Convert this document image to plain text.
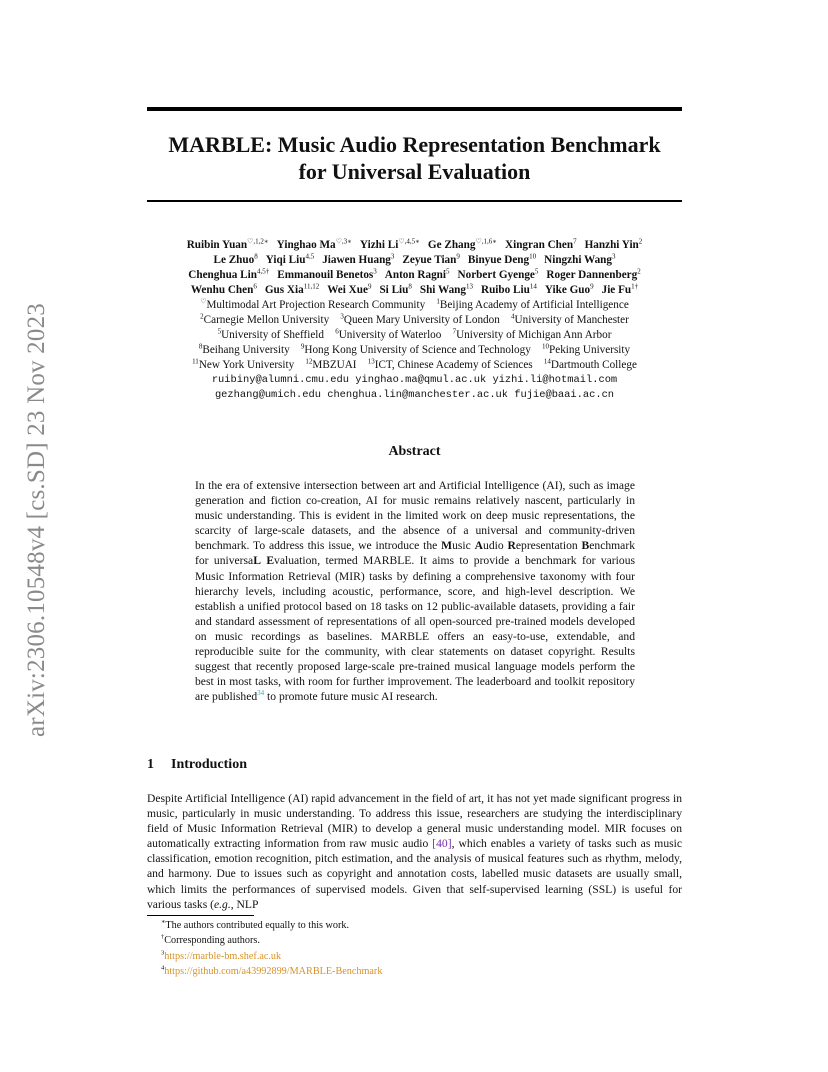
arXiv:2306.10548v4 [cs.SD] 23 Nov 2023
MARBLE: Music Audio Representation Benchmark
for Universal Evaluation
Ruibin Yuan$^{♡,1,2∗}$ Yinghao $Ma^{♡,3∗}$ Yizhi $Li^{♡,4,5∗}$ Ge Zhang$^{♡,1,6∗}$ Xingran Chen$^7$ Hanzhi Yin$^2$
Le Zhuo$^8$ Yiqi Liu$^{4,5}$ Jiawen Huang$^3$ Zeyue Tian$^9$ Binyue Deng$^{10}$ Ningzhi Wang$^3$
Chenghua Lin$^{4,5\dagger}$ Emmanouil Benetos$^3$ Anton Ragni$^5$ Norbert Gyenge$^5$ Roger Dannenberg$^2$
Wenhu Chen$^6$ Gus Xia$^{11,12}$ Wei Xue$^9$ Si Liu$^8$ Shi Wang$^{13}$ Ruibo Liu$^{14}$ Yike Guo$^9$ Jie $Fu^{1\dagger}$
♡Multimodal Art Projection Research Community  $^1$Beijing Academy of Artificial Intelligence
$^2$Carnegie Mellon University  $^3$Queen Mary University of London  $^4$University of Manchester
$^5$University of Sheffield  $^6$University of Waterloo  $^7$University of Michigan Ann Arbor
$^8$Beihang University  $^9$Hong Kong University of Science and Technology  $^{10}$Peking University
$^{11}$New York University  $^{12}$MBZUAI  $^{13}$ICT, Chinese Academy of Sciences  $^{14}$Dartmouth College
ruibiny@alumni.cmu.edu yinghao.ma@qmul.ac.uk yizhi.li@hotmail.com
gezhang@umich.edu chenghua.lin@manchester.ac.uk fujie@baai.ac.cn
Abstract

In the era of extensive intersection between art and Artificial Intelligence (AI), such as image generation and fiction co-creation, AI for music remains relatively nascent, particularly in music understanding. This is evident in the limited work on deep music representations, the scarcity of large-scale datasets, and the absence of a universal and community-driven benchmark. To address this issue, we introduce the Music Audio Representation Benchmark for universaL Evaluation, termed MARBLE. It aims to provide a benchmark for various Music Information Retrieval (MIR) tasks by defining a comprehensive taxonomy with four hierarchy levels, including acoustic, performance, score, and high-level description. We establish a unified protocol based on 18 tasks on 12 public-available datasets, providing a fair and standard assessment of representations of all open-sourced pre-trained models developed on music recordings as baselines. MARBLE offers an easy-to-use, extendable, and reproducible suite for the community, with clear statements on dataset copyright. Results suggest that recently proposed large-scale pre-trained musical language models perform the best in most tasks, with room for further improvement. The leaderboard and toolkit repository are published$^{34}$ to promote future music AI research.

1 Introduction

Despite Artificial Intelligence (AI) rapid advancement in the field of art, it has not yet made significant progress in music, particularly in music understanding. To address this issue, researchers are studying the interdisciplinary field of Music Information Retrieval (MIR) to develop a general music understanding model. MIR focuses on automatically extracting information from raw music audio [40], which enables a variety of tasks such as music classification, emotion recognition, pitch estimation, and the analysis of musical features such as rhythm, melody, and harmony. Due to issues such as copyright and annotation costs, labelled music datasets are usually small, which limits the performances of supervised models. Given that self-supervised learning (SSL) is useful for various tasks (e.g., NLP

∗The authors contributed equally to this work.
†Corresponding authors.
$^3$https://marble-bm.shef.ac.uk
$^4$https://github.com/a43992899/MARBLE-Benchmark
